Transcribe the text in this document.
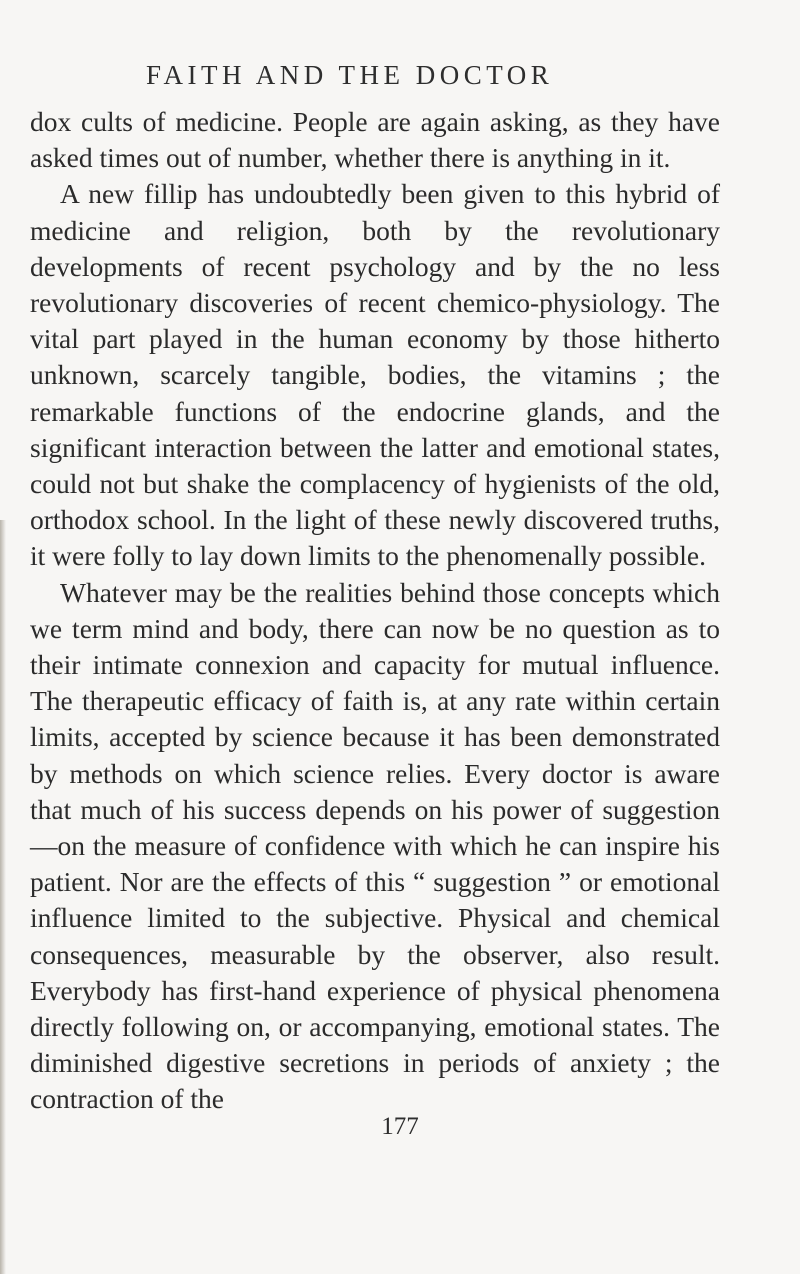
FAITH AND THE DOCTOR

dox cults of medicine. People are again asking, as they have asked times out of number, whether there is anything in it.

A new fillip has undoubtedly been given to this hybrid of medicine and religion, both by the revolutionary developments of recent psychology and by the no less revolutionary discoveries of recent chemico-physiology. The vital part played in the human economy by those hitherto unknown, scarcely tangible, bodies, the vitamins ; the remarkable functions of the endocrine glands, and the significant interaction between the latter and emotional states, could not but shake the complacency of hygienists of the old, orthodox school. In the light of these newly discovered truths, it were folly to lay down limits to the phenomenally possible.

Whatever may be the realities behind those concepts which we term mind and body, there can now be no question as to their intimate connexion and capacity for mutual influence. The therapeutic efficacy of faith is, at any rate within certain limits, accepted by science because it has been demonstrated by methods on which science relies. Every doctor is aware that much of his success depends on his power of suggestion—on the measure of confidence with which he can inspire his patient. Nor are the effects of this “ suggestion ” or emotional influence limited to the subjective. Physical and chemical consequences, measurable by the observer, also result. Everybody has first-hand experience of physical phenomena directly following on, or accompanying, emotional states. The diminished digestive secretions in periods of anxiety ; the contraction of the

177
